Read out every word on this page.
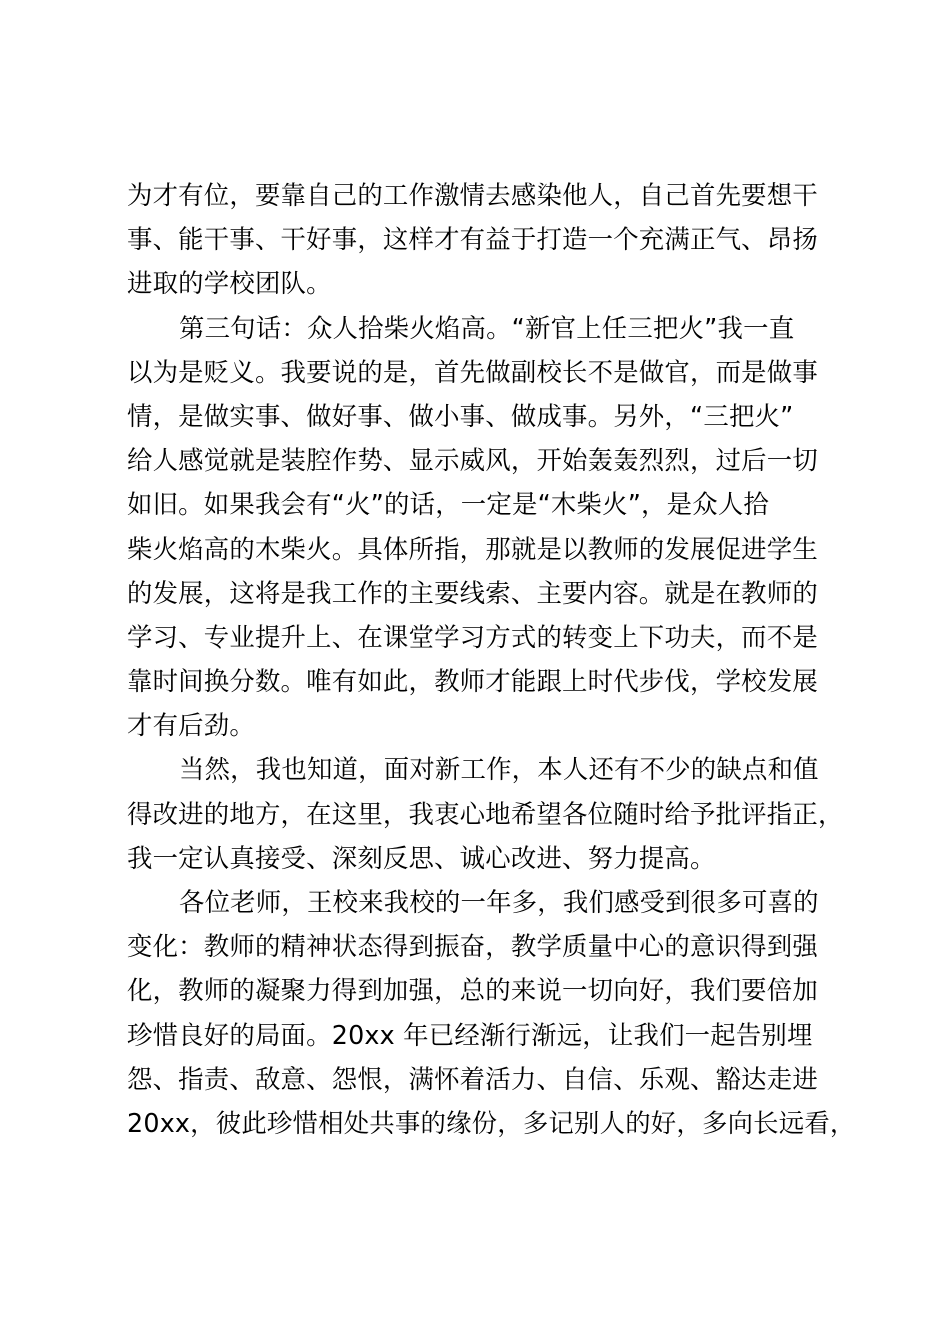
为才有位，要靠自己的工作激情去感染他人，自己首先要想干
事、能干事、干好事，这样才有益于打造一个充满正气、昂扬
进取的学校团队。
第三句话：众人拾柴火焰高。“新官上任三把火”我一直
以为是贬义。我要说的是，首先做副校长不是做官，而是做事
情，是做实事、做好事、做小事、做成事。另外，“三把火”
给人感觉就是装腔作势、显示威风，开始轰轰烈烈，过后一切
如旧。如果我会有“火”的话，一定是“木柴火”，是众人拾
柴火焰高的木柴火。具体所指，那就是以教师的发展促进学生
的发展，这将是我工作的主要线索、主要内容。就是在教师的
学习、专业提升上、在课堂学习方式的转变上下功夫，而不是
靠时间换分数。唯有如此，教师才能跟上时代步伐，学校发展
才有后劲。
当然，我也知道，面对新工作，本人还有不少的缺点和值
得改进的地方，在这里，我衷心地希望各位随时给予批评指正，
我一定认真接受、深刻反思、诚心改进、努力提高。
各位老师，王校来我校的一年多，我们感受到很多可喜的
变化：教师的精神状态得到振奋，教学质量中心的意识得到强
化，教师的凝聚力得到加强，总的来说一切向好，我们要倍加
珍惜良好的局面。20xx 年已经渐行渐远，让我们一起告别埋
怨、指责、敌意、怨恨，满怀着活力、自信、乐观、豁达走进
20xx，彼此珍惜相处共事的缘份，多记别人的好，多向长远看，
